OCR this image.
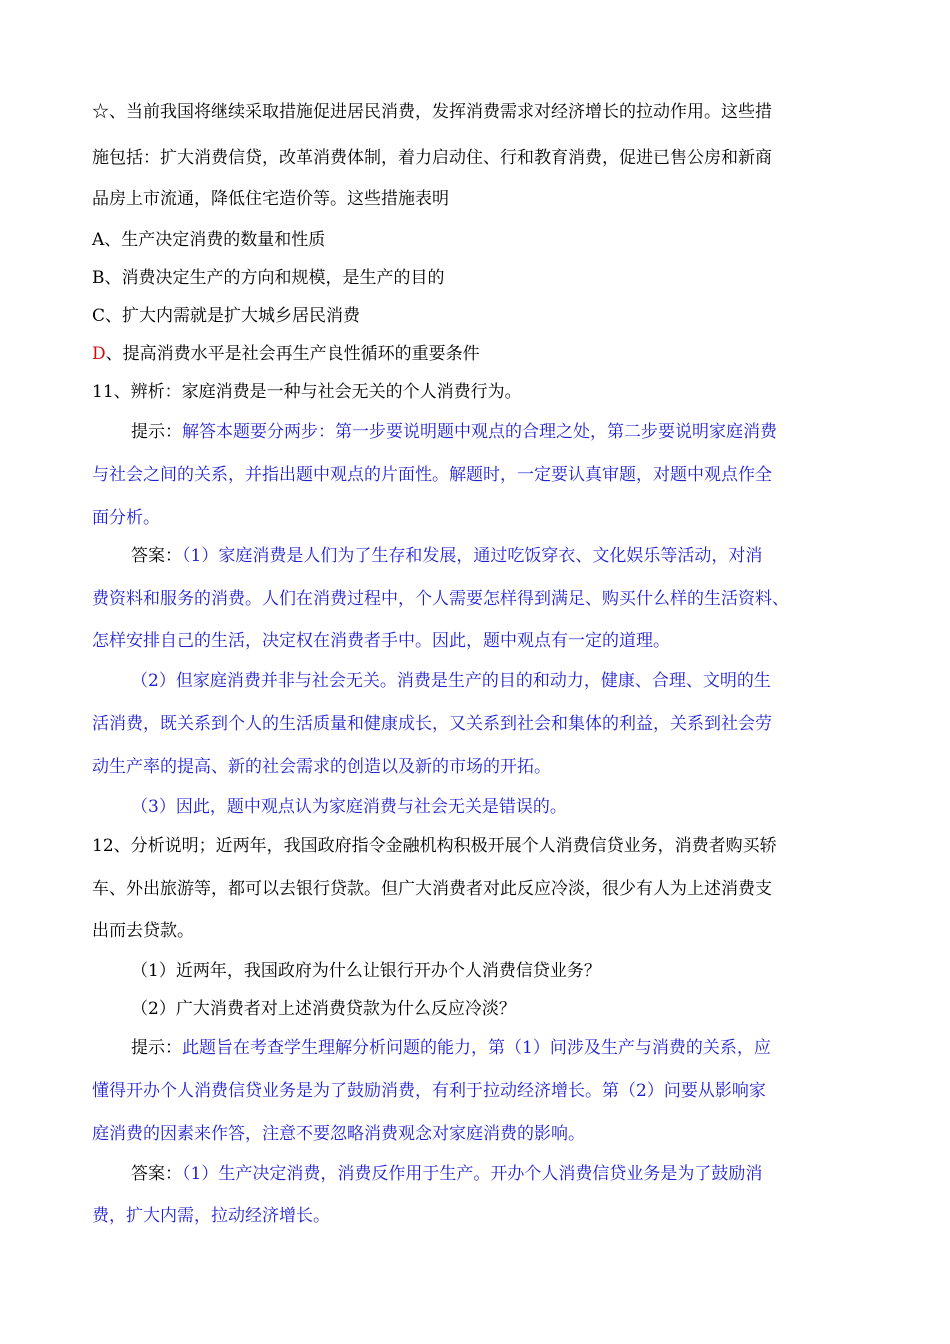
☆、当前我国将继续采取措施促进居民消费，发挥消费需求对经济增长的拉动作用。这些措
施包括：扩大消费信贷，改革消费体制，着力启动住、行和教育消费，促进已售公房和新商
品房上市流通，降低住宅造价等。这些措施表明
A、生产决定消费的数量和性质
B、消费决定生产的方向和规模，是生产的目的
C、扩大内需就是扩大城乡居民消费
D、提高消费水平是社会再生产良性循环的重要条件
11、辨析：家庭消费是一种与社会无关的个人消费行为。
提示：解答本题要分两步：第一步要说明题中观点的合理之处，第二步要说明家庭消费
与社会之间的关系，并指出题中观点的片面性。解题时，一定要认真审题，对题中观点作全
面分析。
答案：（1）家庭消费是人们为了生存和发展，通过吃饭穿衣、文化娱乐等活动，对消
费资料和服务的消费。人们在消费过程中，个人需要怎样得到满足、购买什么样的生活资料、
怎样安排自己的生活，决定权在消费者手中。因此，题中观点有一定的道理。
（2）但家庭消费并非与社会无关。消费是生产的目的和动力，健康、合理、文明的生
活消费，既关系到个人的生活质量和健康成长，又关系到社会和集体的利益，关系到社会劳
动生产率的提高、新的社会需求的创造以及新的市场的开拓。
（3）因此，题中观点认为家庭消费与社会无关是错误的。
12、分析说明；近两年，我国政府指令金融机构积极开展个人消费信贷业务，消费者购买轿
车、外出旅游等，都可以去银行贷款。但广大消费者对此反应冷淡，很少有人为上述消费支
出而去贷款。
（1）近两年，我国政府为什么让银行开办个人消费信贷业务？
（2）广大消费者对上述消费贷款为什么反应冷淡？
提示：此题旨在考查学生理解分析问题的能力，第（1）问涉及生产与消费的关系，应
懂得开办个人消费信贷业务是为了鼓励消费，有利于拉动经济增长。第（2）问要从影响家
庭消费的因素来作答，注意不要忽略消费观念对家庭消费的影响。
答案：（1）生产决定消费，消费反作用于生产。开办个人消费信贷业务是为了鼓励消
费，扩大内需，拉动经济增长。
